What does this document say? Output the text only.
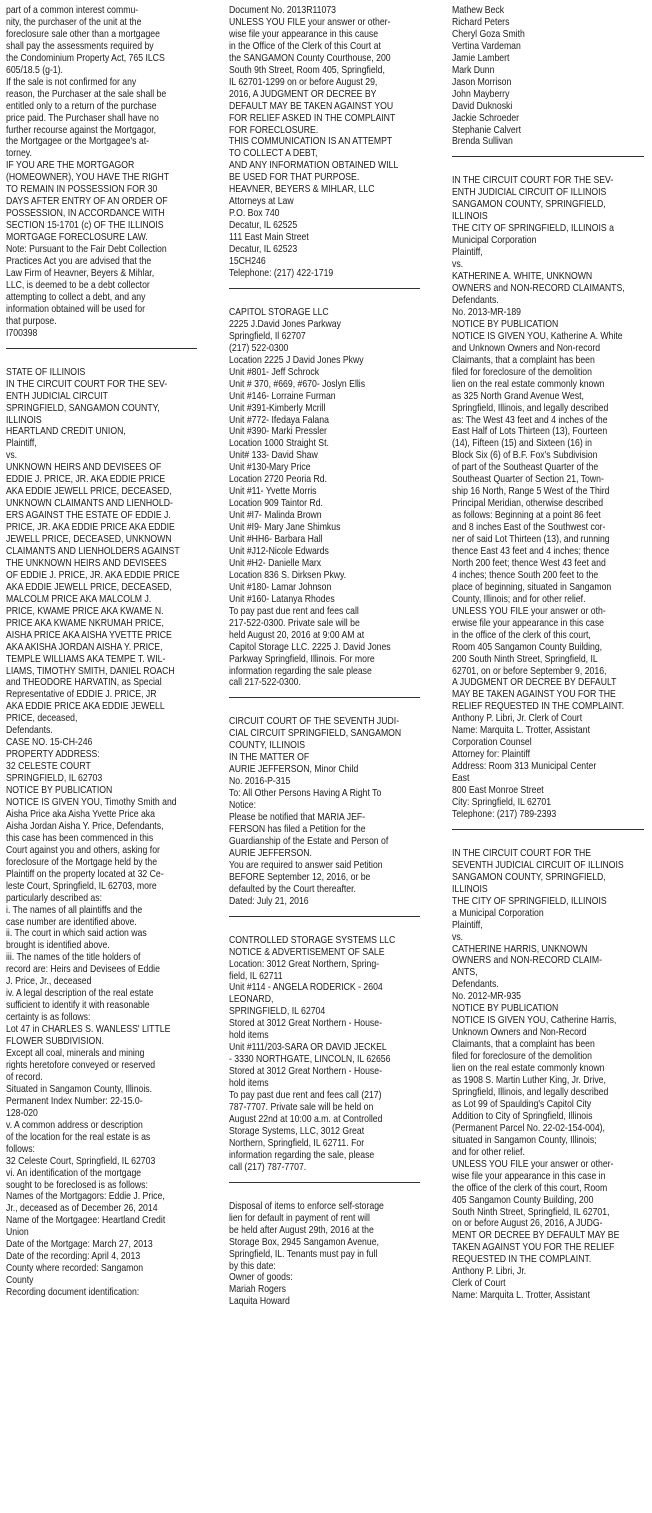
part of a common interest commu-
nity, the purchaser of the unit at the
foreclosure sale other than a mortgagee
shall pay the assessments required by
the Condominium Property Act, 765 ILCS
605/18.5 (g-1).
If the sale is not confirmed for any
reason, the Purchaser at the sale shall be
entitled only to a return of the purchase
price paid. The Purchaser shall have no
further recourse against the Mortgagor,
the Mortgagee or the Mortgagee's at-
torney.
IF YOU ARE THE MORTGAGOR
(HOMEOWNER), YOU HAVE THE RIGHT
TO REMAIN IN POSSESSION FOR 30
DAYS AFTER ENTRY OF AN ORDER OF
POSSESSION, IN ACCORDANCE WITH
SECTION 15-1701 (c) OF THE ILLINOIS
MORTGAGE FORECLOSURE LAW.
Note: Pursuant to the Fair Debt Collection
Practices Act you are advised that the
Law Firm of Heavner, Beyers & Mihlar,
LLC, is deemed to be a debt collector
attempting to collect a debt, and any
information obtained will be used for
that purpose.
I700398
STATE OF ILLINOIS
IN THE CIRCUIT COURT FOR THE SEV-
ENTH JUDICIAL CIRCUIT
SPRINGFIELD, SANGAMON COUNTY,
ILLINOIS
HEARTLAND CREDIT UNION,
Plaintiff,
vs.
UNKNOWN HEIRS AND DEVISEES OF
EDDIE J. PRICE, JR. AKA EDDIE PRICE
AKA EDDIE JEWELL PRICE, DECEASED,
UNKNOWN CLAIMANTS AND LIENHOLD-
ERS AGAINST THE ESTATE OF EDDIE J.
PRICE, JR. AKA EDDIE PRICE AKA EDDIE
JEWELL PRICE, DECEASED, UNKNOWN
CLAIMANTS AND LIENHOLDERS AGAINST
THE UNKNOWN HEIRS AND DEVISEES
OF EDDIE J. PRICE, JR. AKA EDDIE PRICE
AKA EDDIE JEWELL PRICE, DECEASED,
MALCOLM PRICE AKA MALCOLM J.
PRICE, KWAME PRICE AKA KWAME N.
PRICE AKA KWAME NKRUMAH PRICE,
AISHA PRICE AKA AISHA YVETTE PRICE
AKA AKISHA JORDAN AISHA Y. PRICE,
TEMPLE WILLIAMS AKA TEMPE T. WIL-
LIAMS, TIMOTHY SMITH, DANIEL ROACH
and THEODORE HARVATIN, as Special
Representative of EDDIE J. PRICE, JR
AKA EDDIE PRICE AKA EDDIE JEWELL
PRICE, deceased,
Defendants.
CASE NO. 15-CH-246
PROPERTY ADDRESS:
32 CELESTE COURT
SPRINGFIELD, IL 62703
NOTICE BY PUBLICATION
NOTICE IS GIVEN YOU, Timothy Smith and
Aisha Price aka Aisha Yvette Price aka
Aisha Jordan Aisha Y. Price, Defendants,
this case has been commenced in this
Court against you and others, asking for
foreclosure of the Mortgage held by the
Plaintiff on the property located at 32 Ce-
leste Court, Springfield, IL 62703, more
particularly described as:
i. The names of all plaintiffs and the
case number are identified above.
ii. The court in which said action was
brought is identified above.
iii. The names of the title holders of
record are: Heirs and Devisees of Eddie
J. Price, Jr., deceased
iv. A legal description of the real estate
sufficient to identify it with reasonable
certainty is as follows:
Lot 47 in CHARLES S. WANLESS' LITTLE
FLOWER SUBDIVISION.
Except all coal, minerals and mining
rights heretofore conveyed or reserved
of record.
Situated in Sangamon County, Illinois.
Permanent Index Number: 22-15.0-
128-020
v. A common address or description
of the location for the real estate is as
follows:
32 Celeste Court, Springfield, IL 62703
vi. An identification of the mortgage
sought to be foreclosed is as follows:
Names of the Mortgagors: Eddie J. Price,
Jr., deceased as of December 26, 2014
Name of the Mortgagee: Heartland Credit
Union
Date of the Mortgage: March 27, 2013
Date of the recording: April 4, 2013
County where recorded: Sangamon
County
Recording document identification:
Document No. 2013R11073
UNLESS YOU FILE your answer or other-
wise file your appearance in this cause
in the Office of the Clerk of this Court at
the SANGAMON County Courthouse, 200
South 9th Street, Room 405, Springfield,
IL 62701-1299 on or before August 29,
2016, A JUDGMENT OR DECREE BY
DEFAULT MAY BE TAKEN AGAINST YOU
FOR RELIEF ASKED IN THE COMPLAINT
FOR FORECLOSURE.
THIS COMMUNICATION IS AN ATTEMPT
TO COLLECT A DEBT,
AND ANY INFORMATION OBTAINED WILL
BE USED FOR THAT PURPOSE.
HEAVNER, BEYERS & MIHLAR, LLC
Attorneys at Law
P.O. Box 740
Decatur, IL 62525
111 East Main Street
Decatur, IL 62523
15CH246
Telephone: (217) 422-1719
CAPITOL STORAGE LLC
2225 J.David Jones Parkway
Springfield, Il 62707
(217) 522-0300
Location 2225 J David Jones Pkwy
Unit #801- Jeff Schrock
Unit # 370, #669, #670- Joslyn Ellis
Unit #146- Lorraine Furman
Unit #391-Kimberly Mcrill
Unit #772- Ifedaya Falana
Unit #390- Marki Pressler
Location 1000 Straight St.
Unit# 133- David Shaw
Unit #130-Mary Price
Location 2720 Peoria Rd.
Unit #11- Yvette Morris
Location 909 Taintor Rd.
Unit #I7- Malinda Brown
Unit #I9- Mary Jane Shimkus
Unit #HH6- Barbara Hall
Unit #J12-Nicole Edwards
Unit #H2- Danielle Marx
Location 836 S. Dirksen Pkwy.
Unit #180- Lamar Johnson
Unit #160- Latanya Rhodes
To pay past due rent and fees call
217-522-0300. Private sale will be
held August 20, 2016 at 9:00 AM at
Capitol Storage LLC. 2225 J. David Jones
Parkway Springfield, Illinois. For more
information regarding the sale please
call 217-522-0300.
CIRCUIT COURT OF THE SEVENTH JUDI-
CIAL CIRCUIT SPRINGFIELD, SANGAMON
COUNTY, ILLINOIS
IN THE MATTER OF
AURIE JEFFERSON, Minor Child
No. 2016-P-315
To: All Other Persons Having A Right To
Notice:
Please be notified that MARIA JEF-
FERSON has filed a Petition for the
Guardianship of the Estate and Person of
AURIE JEFFERSON.
You are required to answer said Petition
BEFORE September 12, 2016, or be
defaulted by the Court thereafter.
Dated: July 21, 2016
CONTROLLED STORAGE SYSTEMS LLC
NOTICE & ADVERTISEMENT OF SALE
Location: 3012 Great Northern, Spring-
field, IL 62711
Unit #114 - ANGELA RODERICK - 2604
LEONARD,
SPRINGFIELD, IL 62704
Stored at 3012 Great Northern - House-
hold items
Unit #111/203-SARA OR DAVID JECKEL
- 3330 NORTHGATE, LINCOLN, IL 62656
Stored at 3012 Great Northern - House-
hold items
To pay past due rent and fees call (217)
787-7707. Private sale will be held on
August 22nd at 10:00 a.m. at Controlled
Storage Systems, LLC, 3012 Great
Northern, Springfield, IL 62711. For
information regarding the sale, please
call (217) 787-7707.
Disposal of items to enforce self-storage
lien for default in payment of rent will
be held after August 29th, 2016 at the
Storage Box, 2945 Sangamon Avenue,
Springfield, IL. Tenants must pay in full
by this date:
Owner of goods:
Mariah Rogers
Laquita Howard
Mathew Beck
Richard Peters
Cheryl Goza Smith
Vertina Vardeman
Jamie Lambert
Mark Dunn
Jason Morrison
John Mayberry
David Duknoski
Jackie Schroeder
Stephanie Calvert
Brenda Sullivan
IN THE CIRCUIT COURT FOR THE SEV-
ENTH JUDICIAL CIRCUIT OF ILLINOIS
SANGAMON COUNTY, SPRINGFIELD,
ILLINOIS
THE CITY OF SPRINGFIELD, ILLINOIS a
Municipal Corporation
Plaintiff,
vs.
KATHERINE A. WHITE, UNKNOWN
OWNERS and NON-RECORD CLAIMANTS,
Defendants.
No. 2013-MR-189
NOTICE BY PUBLICATION
NOTICE IS GIVEN YOU, Katherine A. White
and Unknown Owners and Non-record
Claimants, that a complaint has been
filed for foreclosure of the demolition
lien on the real estate commonly known
as 325 North Grand Avenue West,
Springfield, Illinois, and legally described
as: The West 43 feet and 4 inches of the
East Half of Lots Thirteen (13), Fourteen
(14), Fifteen (15) and Sixteen (16) in
Block Six (6) of B.F. Fox's Subdivision
of part of the Southeast Quarter of the
Southeast Quarter of Section 21, Town-
ship 16 North, Range 5 West of the Third
Principal Meridian, otherwise described
as follows: Beginning at a point 86 feet
and 8 inches East of the Southwest cor-
ner of said Lot Thirteen (13), and running
thence East 43 feet and 4 inches; thence
North 200 feet; thence West 43 feet and
4 inches; thence South 200 feet to the
place of beginning, situated in Sangamon
County, Illinois; and for other relief.
UNLESS YOU FILE your answer or oth-
erwise file your appearance in this case
in the office of the clerk of this court,
Room 405 Sangamon County Building,
200 South Ninth Street, Springfield, IL
62701, on or before September 9, 2016,
A JUDGMENT OR DECREE BY DEFAULT
MAY BE TAKEN AGAINST YOU FOR THE
RELIEF REQUESTED IN THE COMPLAINT.
Anthony P. Libri, Jr. Clerk of Court
Name: Marquita L. Trotter, Assistant
Corporation Counsel
Attorney for: Plaintiff
Address: Room 313 Municipal Center
East
800 East Monroe Street
City: Springfield, IL 62701
Telephone: (217) 789-2393
IN THE CIRCUIT COURT FOR THE
SEVENTH JUDICIAL CIRCUIT OF ILLINOIS
SANGAMON COUNTY, SPRINGFIELD,
ILLINOIS
THE CITY OF SPRINGFIELD, ILLINOIS
a Municipal Corporation
Plaintiff,
vs.
CATHERINE HARRIS, UNKNOWN
OWNERS and NON-RECORD CLAIM-
ANTS,
Defendants.
No. 2012-MR-935
NOTICE BY PUBLICATION
NOTICE IS GIVEN YOU, Catherine Harris,
Unknown Owners and Non-Record
Claimants, that a complaint has been
filed for foreclosure of the demolition
lien on the real estate commonly known
as 1908 S. Martin Luther King, Jr. Drive,
Springfield, Illinois, and legally described
as Lot 99 of Spaulding's Capitol City
Addition to City of Springfield, Illinois
(Permanent Parcel No. 22-02-154-004),
situated in Sangamon County, Illinois;
and for other relief.
UNLESS YOU FILE your answer or other-
wise file your appearance in this case in
the office of the clerk of this court, Room
405 Sangamon County Building, 200
South Ninth Street, Springfield, IL 62701,
on or before August 26, 2016, A JUDG-
MENT OR DECREE BY DEFAULT MAY BE
TAKEN AGAINST YOU FOR THE RELIEF
REQUESTED IN THE COMPLAINT.
Anthony P. Libri, Jr.
Clerk of Court
Name: Marquita L. Trotter, Assistant
